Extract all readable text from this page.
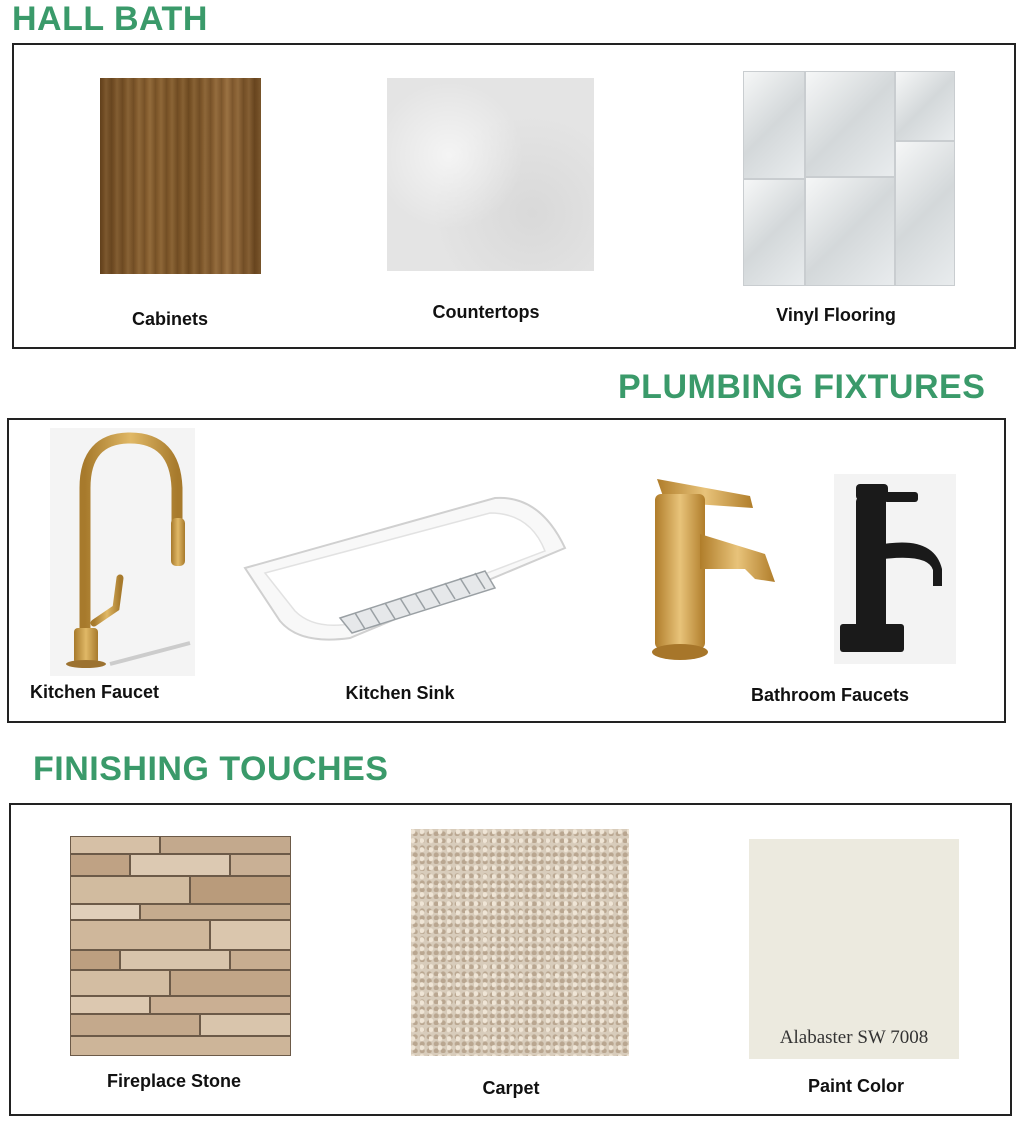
HALL BATH
Cabinets	Countertops	Vinyl Flooring
PLUMBING FIXTURES
Kitchen Faucet	Kitchen Sink	Bathroom Faucets
FINISHING TOUCHES
Fireplace Stone	Carpet
Alabaster SW 7008
Paint Color
